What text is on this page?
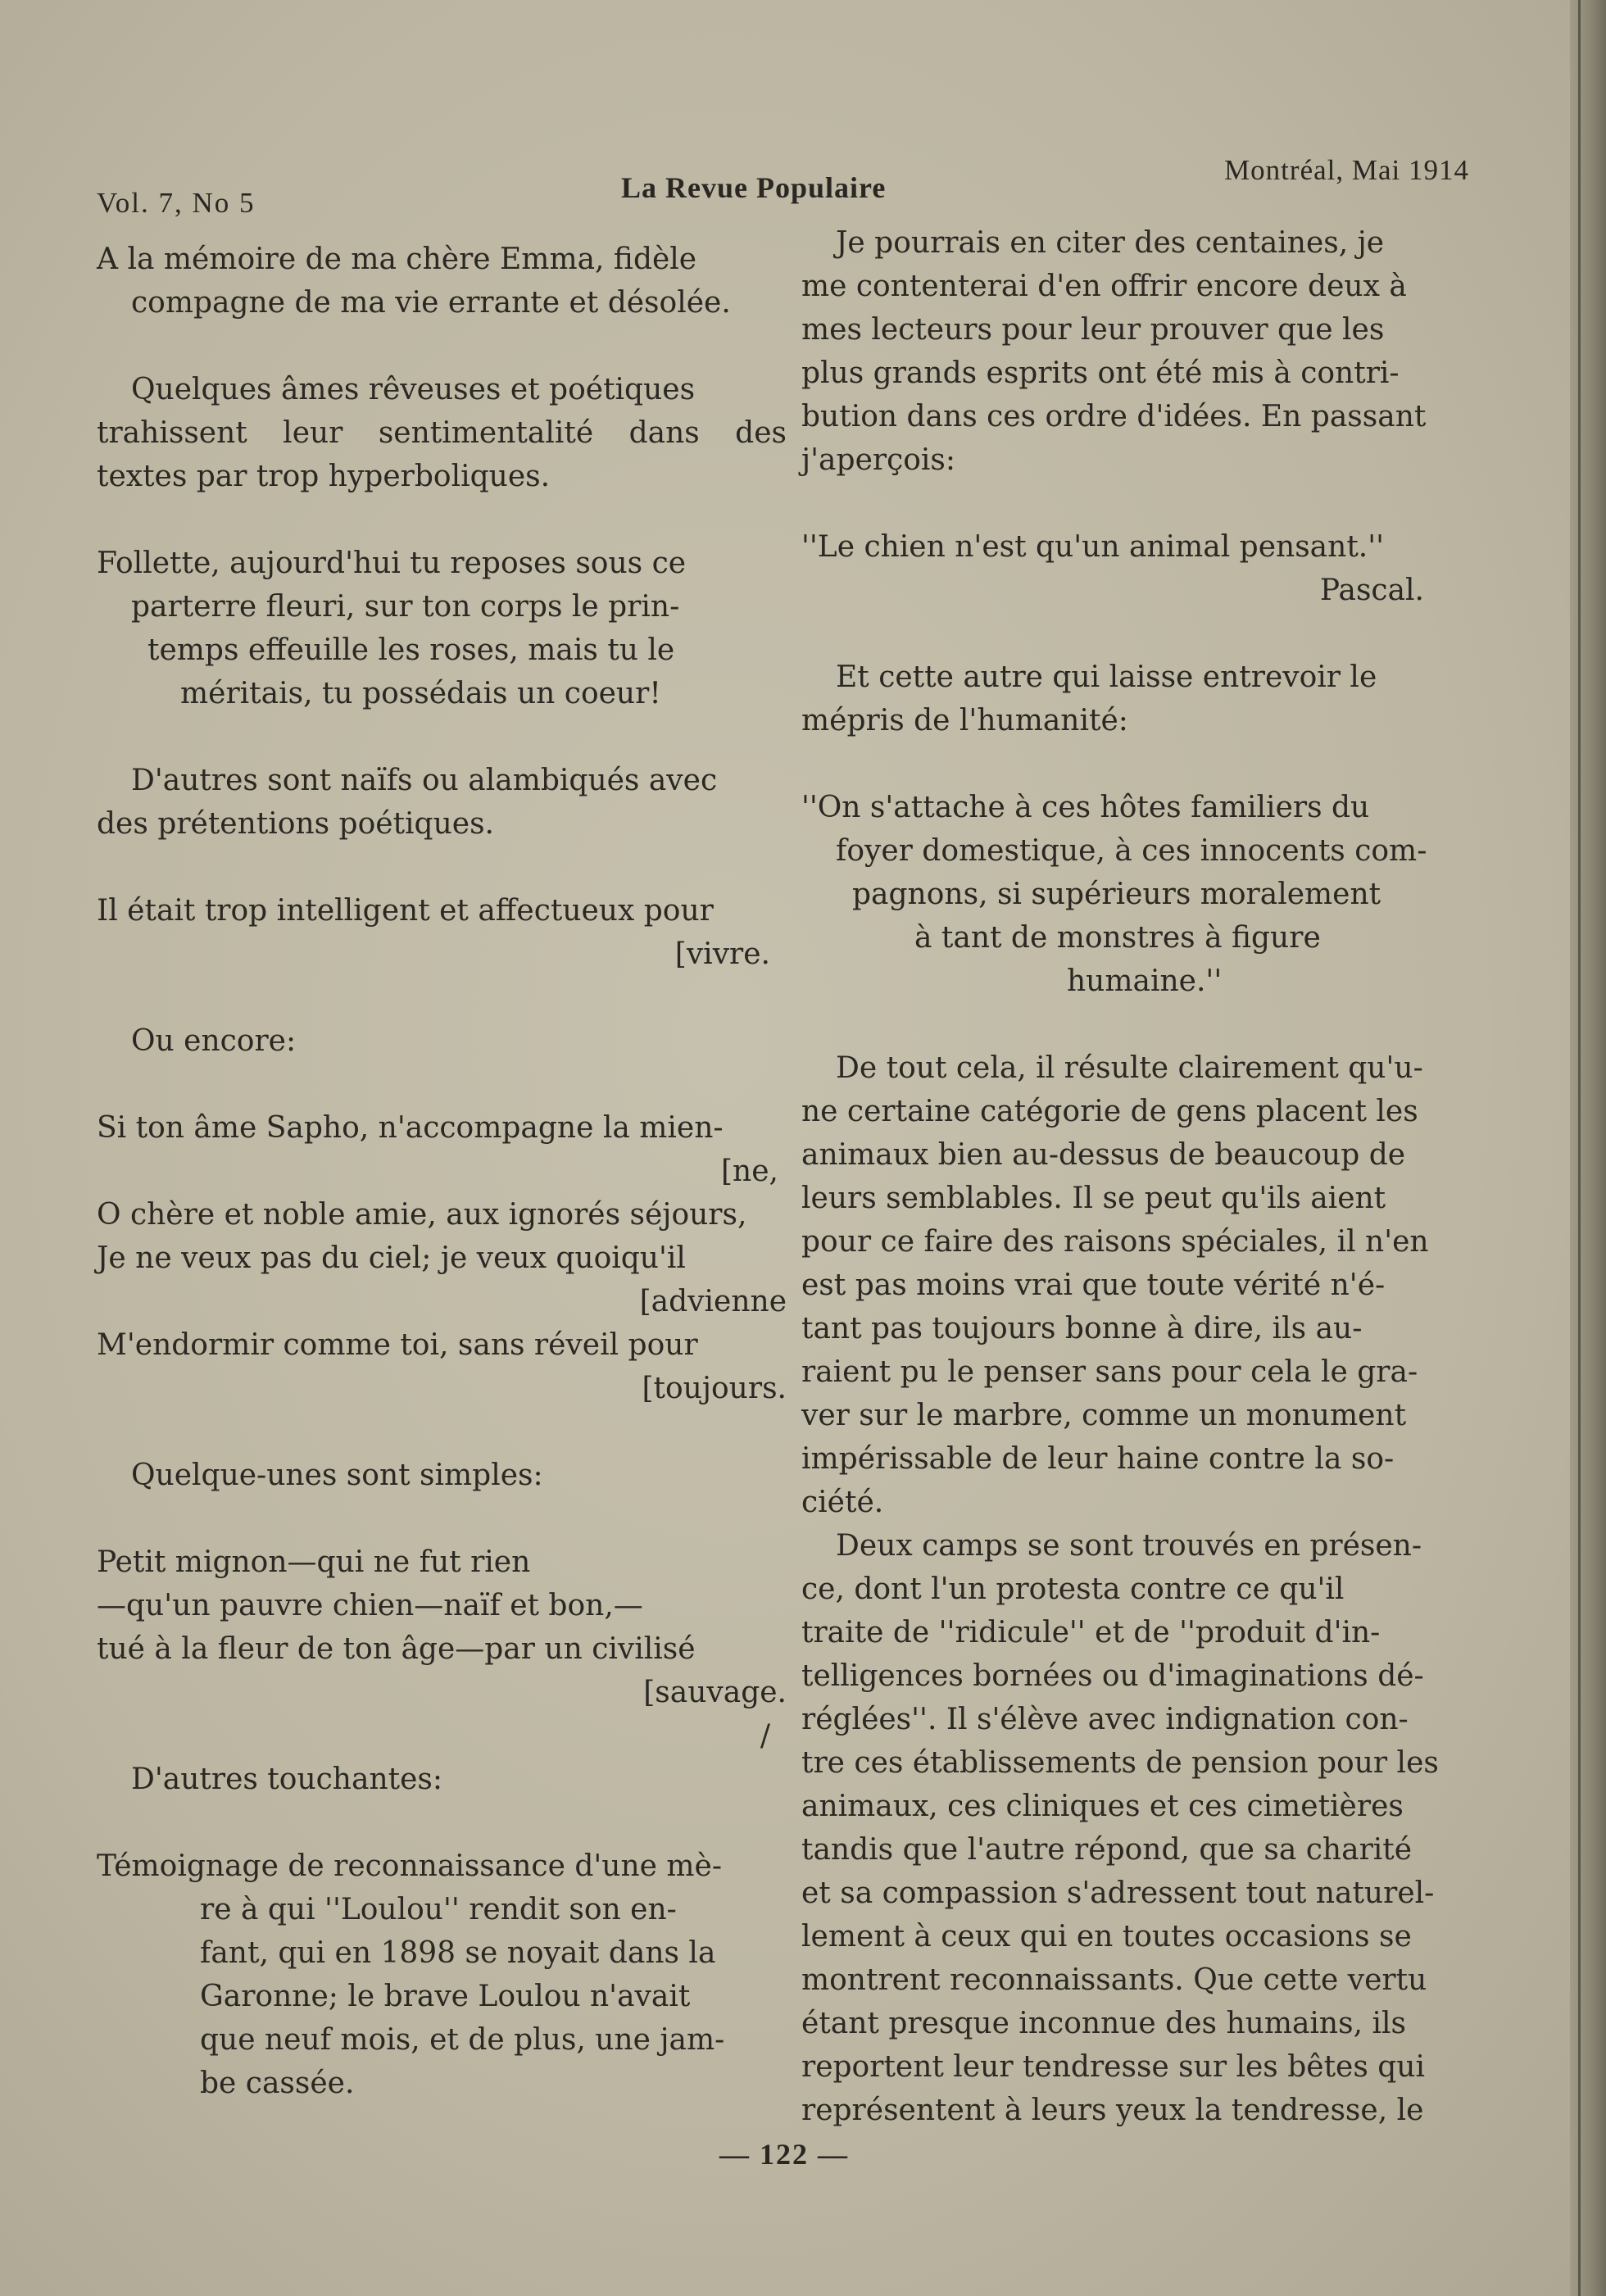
Vol. 7, No 5	La Revue Populaire
Montréal, Mai 1914

A la mémoire de ma chère Emma, fidèle

compagne de ma vie errante et désolée.

Quelques âmes rêveuses et poétiques

trahissent leur sentimentalité dans des

textes par trop hyperboliques.

Follette, aujourd'hui tu reposes sous ce

parterre fleuri, sur ton corps le prin-

temps effeuille les roses, mais tu le

méritais, tu possédais un coeur!

D'autres sont naïfs ou alambiqués avec

des prétentions poétiques.

Il était trop intelligent et affectueux pour

[vivre.

Ou encore:

Si ton âme Sapho, n'accompagne la mien-

[ne,

O chère et noble amie, aux ignorés séjours,

Je ne veux pas du ciel; je veux quoiqu'il

[advienne

M'endormir comme toi, sans réveil pour

[toujours.

Quelque-unes sont simples:

Petit mignon—qui ne fut rien

—qu'un pauvre chien—naïf et bon,—

tué à la fleur de ton âge—par un civilisé

[sauvage.

/

D'autres touchantes:

Témoignage de reconnaissance d'une mè-

re à qui ''Loulou'' rendit son en-

fant, qui en 1898 se noyait dans la

Garonne; le brave Loulou n'avait

que neuf mois, et de plus, une jam-

be cassée.

Je pourrais en citer des centaines, je

me contenterai d'en offrir encore deux à

mes lecteurs pour leur prouver que les

plus grands esprits ont été mis à contri-

bution dans ces ordre d'idées. En passant

j'aperçois:

''Le chien n'est qu'un animal pensant.''

Pascal.

Et cette autre qui laisse entrevoir le

mépris de l'humanité:

''On s'attache à ces hôtes familiers du

foyer domestique, à ces innocents com-

pagnons, si supérieurs moralement

à tant de monstres à figure

humaine.''

De tout cela, il résulte clairement qu'u-

ne certaine catégorie de gens placent les

animaux bien au-dessus de beaucoup de

leurs semblables. Il se peut qu'ils aient

pour ce faire des raisons spéciales, il n'en

est pas moins vrai que toute vérité n'é-

tant pas toujours bonne à dire, ils au-

raient pu le penser sans pour cela le gra-

ver sur le marbre, comme un monument

impérissable de leur haine contre la so-

ciété.

Deux camps se sont trouvés en présen-

ce, dont l'un protesta contre ce qu'il

traite de ''ridicule'' et de ''produit d'in-

telligences bornées ou d'imaginations dé-

réglées''. Il s'élève avec indignation con-

tre ces établissements de pension pour les

animaux, ces cliniques et ces cimetières

tandis que l'autre répond, que sa charité

et sa compassion s'adressent tout naturel-

lement à ceux qui en toutes occasions se

montrent reconnaissants. Que cette vertu

étant presque inconnue des humains, ils

reportent leur tendresse sur les bêtes qui

représentent à leurs yeux la tendresse, le

— 122 —
